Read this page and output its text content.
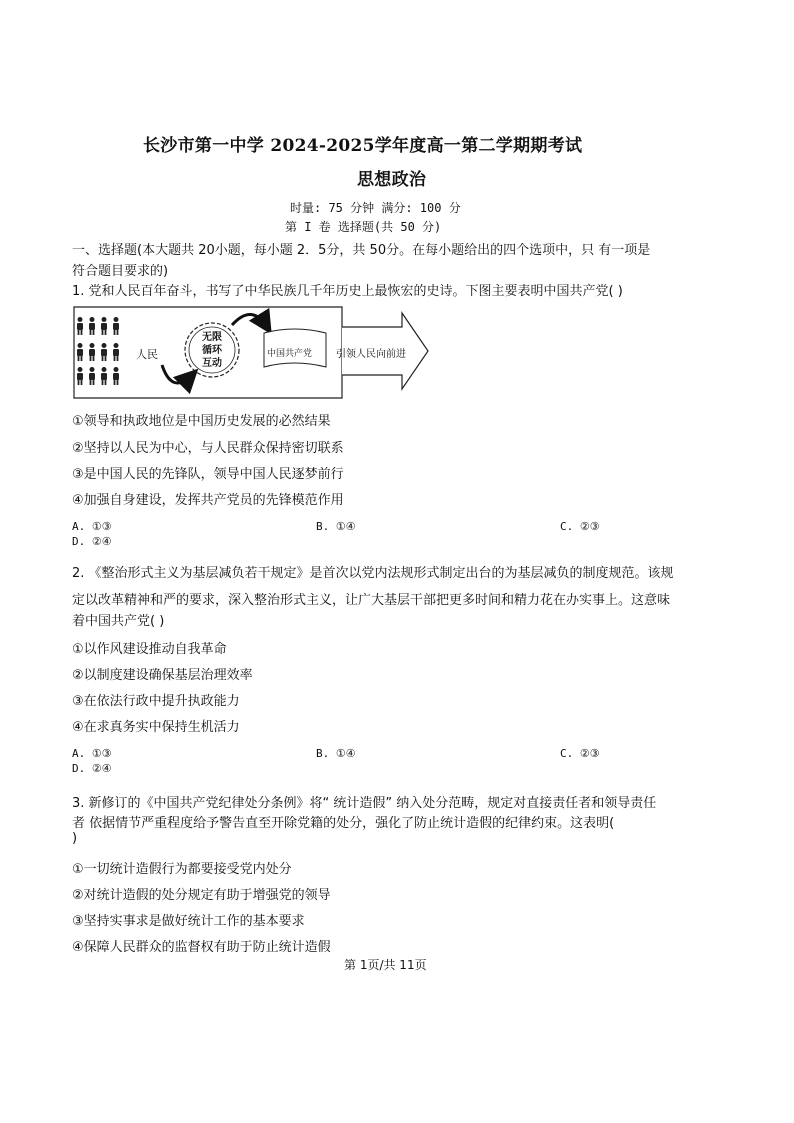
长沙市第一中学 2024-2025学年度高一第二学期期考试
思想政治
时量: 75 分钟 满分: 100 分
第 I 卷 选择题(共 50 分)
一、选择题(本大题共 20小题，每小题 2．5分，共 50分。在每小题给出的四个选项中，只 有一项是
符合题目要求的)
1. 党和人民百年奋斗，书写了中华民族几千年历史上最恢宏的史诗。下图主要表明中国共产党( )
人民
无限
循环
互动
中国共产党 引领人民向前进
①领导和执政地位是中国历史发展的必然结果
②坚持以人民为中心，与人民群众保持密切联系
③是中国人民的先锋队，领导中国人民逐梦前行
④加强自身建设，发挥共产党员的先锋模范作用
A. ①③	B. ①④	C. ②③
D. ②④
2. 《整治形式主义为基层减负若干规定》是首次以党内法规形式制定出台的为基层减负的制度规范。该规
定以改革精神和严的要求，深入整治形式主义，让广大基层干部把更多时间和精力花在办实事上。这意味
着中国共产党( )
①以作风建设推动自我革命
②以制度建设确保基层治理效率
③在依法行政中提升执政能力
④在求真务实中保持生机活力
A. ①③	B. ①④	C. ②③
D. ②④
3. 新修订的《中国共产党纪律处分条例》将“ 统计造假” 纳入处分范畴，规定对直接责任者和领导责任
者 依据情节严重程度给予警告直至开除党籍的处分，强化了防止统计造假的纪律约束。这表明(
)
①一切统计造假行为都要接受党内处分
②对统计造假的处分规定有助于增强党的领导
③坚持实事求是做好统计工作的基本要求
④保障人民群众的监督权有助于防止统计造假
第 1页/共 11页
